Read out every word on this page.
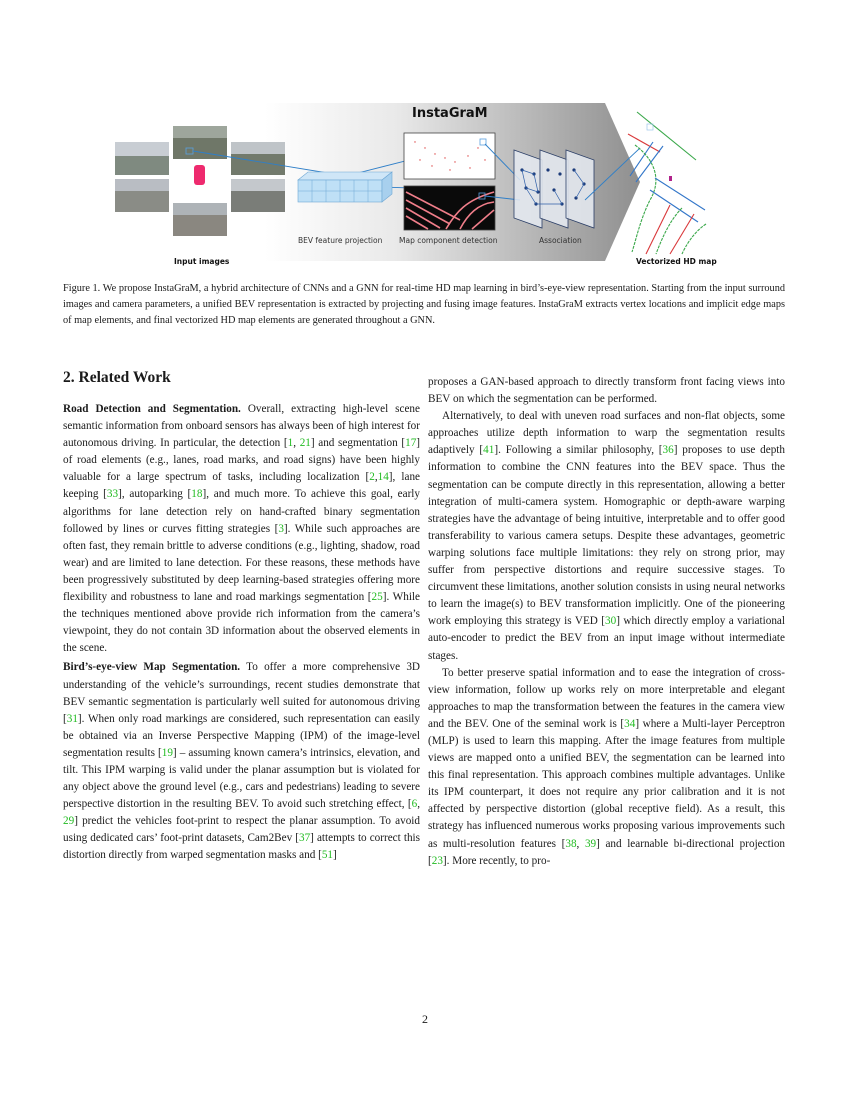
InstaGraM
BEV feature projection Map component detection	Association
Input images	Vectorized HD map
Figure 1. We propose InstaGraM, a hybrid architecture of CNNs and a GNN for real-time HD map learning in bird’s-eye-view representation. Starting from the input surround images and camera parameters, a unified BEV representation is extracted by projecting and fusing image features. InstaGraM extracts vertex locations and implicit edge maps of map elements, and final vectorized HD map elements are generated throughout a GNN.
2. Related Work

Road Detection and Segmentation. Overall, extracting high-level scene semantic information from onboard sensors has always been of high interest for autonomous driving. In particular, the detection [1, 21] and segmentation [17] of road elements (e.g., lanes, road marks, and road signs) have been highly valuable for a large spectrum of tasks, including localization [2,14], lane keeping [33], autoparking [18], and much more. To achieve this goal, early algorithms for lane detection rely on hand-crafted binary segmentation followed by lines or curves fitting strategies [3]. While such approaches are often fast, they remain brittle to adverse conditions (e.g., lighting, shadow, road wear) and are limited to lane detection. For these reasons, these methods have been progressively substituted by deep learning-based strategies offering more flexibility and robustness to lane and road markings segmentation [25]. While the techniques mentioned above provide rich information from the camera’s viewpoint, they do not contain 3D information about the observed elements in the scene.

Bird’s-eye-view Map Segmentation. To offer a more comprehensive 3D understanding of the vehicle’s surroundings, recent studies demonstrate that BEV semantic segmentation is particularly well suited for autonomous driving [31]. When only road markings are considered, such representation can easily be obtained via an Inverse Perspective Mapping (IPM) of the image-level segmentation results [19] – assuming known camera’s intrinsics, elevation, and tilt. This IPM warping is valid under the planar assumption but is violated for any object above the ground level (e.g., cars and pedestrians) leading to severe perspective distortion in the resulting BEV. To avoid such stretching effect, [6, 29] predict the vehicles foot-print to respect the planar assumption. To avoid using dedicated cars’ foot-print datasets, Cam2Bev [37] attempts to correct this distortion directly from warped segmentation masks and [51]

proposes a GAN-based approach to directly transform front facing views into BEV on which the segmentation can be performed.

Alternatively, to deal with uneven road surfaces and non-flat objects, some approaches utilize depth information to warp the segmentation results adaptively [41]. Following a similar philosophy, [36] proposes to use depth information to combine the CNN features into the BEV space. Thus the segmentation can be compute directly in this representation, allowing a better integration of multi-camera system. Homographic or depth-aware warping strategies have the advantage of being intuitive, interpretable and to offer good transferability to various camera setups. Despite these advantages, geometric warping solutions face multiple limitations: they rely on strong prior, may suffer from perspective distortions and require successive stages. To circumvent these limitations, another solution consists in using neural networks to learn the image(s) to BEV transformation implicitly. One of the pioneering work employing this strategy is VED [30] which directly employ a variational auto-encoder to predict the BEV from an input image without intermediate stages.

To better preserve spatial information and to ease the integration of cross-view information, follow up works rely on more interpretable and elegant approaches to map the transformation between the features in the camera view and the BEV. One of the seminal work is [34] where a Multi-layer Perceptron (MLP) is used to learn this mapping. After the image features from multiple views are mapped onto a unified BEV, the segmentation can be learned into this final representation. This approach combines multiple advantages. Unlike its IPM counterpart, it does not require any prior calibration and it is not affected by perspective distortion (global receptive field). As a result, this strategy has influenced numerous works proposing various improvements such as multi-resolution features [38, 39] and learnable bi-directional projection [23]. More recently, to pro-

2
